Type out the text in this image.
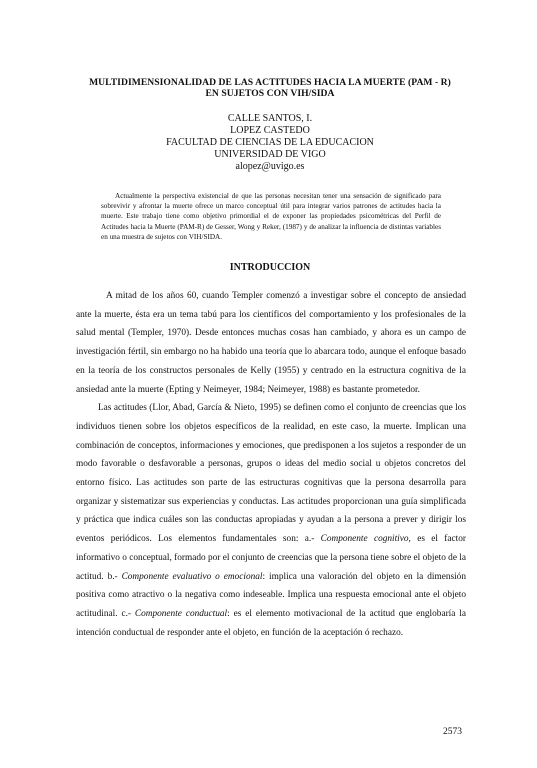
MULTIDIMENSIONALIDAD DE LAS ACTITUDES HACIA LA MUERTE (PAM - R)
EN SUJETOS CON VIH/SIDA
CALLE SANTOS, I.
LOPEZ CASTEDO
FACULTAD DE CIENCIAS DE LA EDUCACION
UNIVERSIDAD DE VIGO
alopez@uvigo.es
Actualmente la perspectiva existencial de que las personas necesitan tener una sensación de significado para sobrevivir y afrontar la muerte ofrece un marco conceptual útil para integrar varios patrones de actitudes hacia la muerte. Este trabajo tiene como objetivo primordial el de exponer las propiedades psicométricas del Perfil de Actitudes hacia la Muerte (PAM-R) de Gesser, Wong y Reker, (1987) y de analizar la influencia de distintas variables en una muestra de sujetos con VIH/SIDA.
INTRODUCCION

A mitad de los años 60, cuando Templer comenzó a investigar sobre el concepto de ansiedad ante la muerte, ésta era un tema tabú para los científicos del comportamiento y los profesionales de la salud mental (Templer, 1970). Desde entonces muchas cosas han cambiado, y ahora es un campo de investigación fértil, sin embargo no ha habido una teoría que lo abarcara todo, aunque el enfoque basado en la teoría de los constructos personales de Kelly (1955) y centrado en la estructura cognitiva de la ansiedad ante la muerte (Epting y Neimeyer, 1984; Neimeyer, 1988) es bastante prometedor.

Las actitudes (Llor, Abad, García & Nieto, 1995) se definen como el conjunto de creencias que los individuos tienen sobre los objetos específicos de la realidad, en este caso, la muerte. Implican una combinación de conceptos, informaciones y emociones, que predisponen a los sujetos a responder de un modo favorable o desfavorable a personas, grupos o ideas del medio social u objetos concretos del entorno físico. Las actitudes son parte de las estructuras cognitivas que la persona desarrolla para organizar y sistematizar sus experiencias y conductas. Las actitudes proporcionan una guía simplificada y práctica que indica cuáles son las conductas apropiadas y ayudan a la persona a prever y dirigir los eventos periódicos. Los elementos fundamentales son: a.- Componente cognitivo, es el factor informativo o conceptual, formado por el conjunto de creencias que la persona tiene sobre el objeto de la actitud. b.- Componente evaluativo o emocional: implica una valoración del objeto en la dimensión positiva como atractivo o la negativa como indeseable. Implica una respuesta emocional ante el objeto actitudinal. c.- Componente conductual: es el elemento motivacional de la actitud que englobaría la intención conductual de responder ante el objeto, en función de la aceptación ó rechazo.

2573
